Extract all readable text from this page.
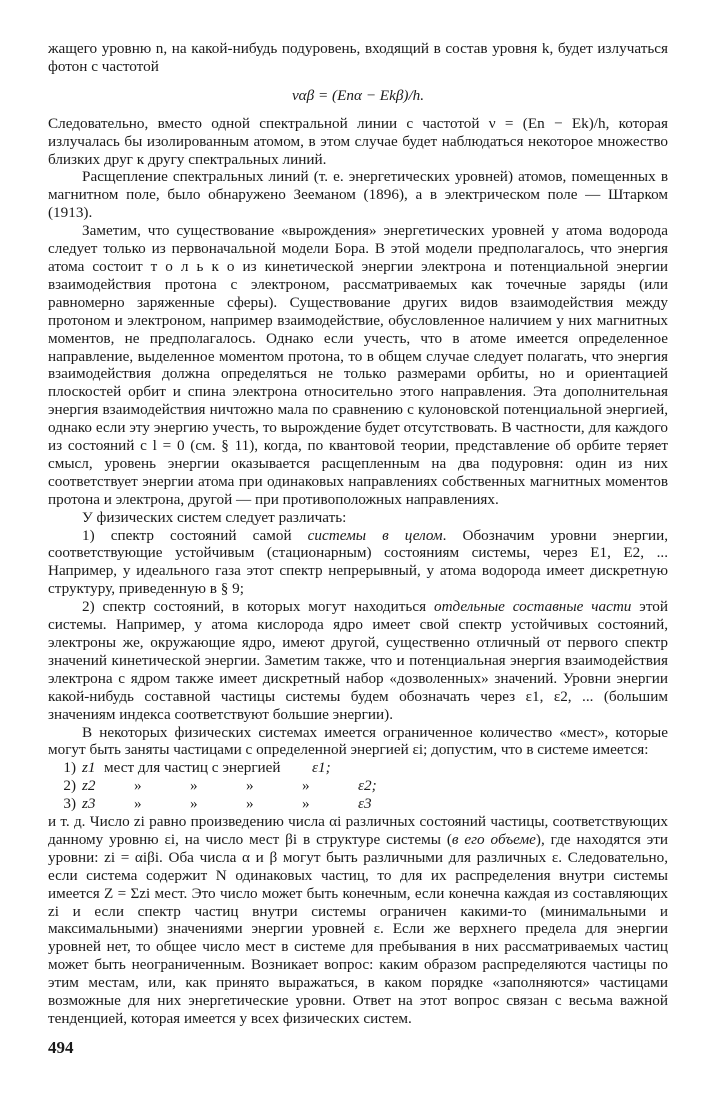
жащего уровню n, на какой-нибудь подуровень, входящий в состав уровня k, будет излучаться фотон с частотой

ναβ = (Enα − Ekβ)/h.

Следовательно, вместо одной спектральной линии с частотой ν = (En − Ek)/h, которая излучалась бы изолированным атомом, в этом случае будет наблюдаться некоторое множество близких друг к другу спектральных линий.

Расщепление спектральных линий (т. е. энергетических уровней) атомов, помещенных в магнитном поле, было обнаружено Зееманом (1896), а в электрическом поле — Штарком (1913).

Заметим, что существование «вырождения» энергетических уровней у атома водорода следует только из первоначальной модели Бора. В этой модели предполагалось, что энергия атома состоит т о л ь к о из кинетической энергии электрона и потенциальной энергии взаимодействия протона с электроном, рассматриваемых как точечные заряды (или равномерно заряженные сферы). Существование других видов взаимодействия между протоном и электроном, например взаимодействие, обусловленное наличием у них магнитных моментов, не предполагалось. Однако если учесть, что в атоме имеется определенное направление, выделенное моментом протона, то в общем случае следует полагать, что энергия взаимодействия должна определяться не только размерами орбиты, но и ориентацией плоскостей орбит и спина электрона относительно этого направления. Эта дополнительная энергия взаимодействия ничтожно мала по сравнению с кулоновской потенциальной энергией, однако если эту энергию учесть, то вырождение будет отсутствовать. В частности, для каждого из состояний с l = 0 (см. § 11), когда, по квантовой теории, представление об орбите теряет смысл, уровень энергии оказывается расщепленным на два подуровня: один из них соответствует энергии атома при одинаковых направлениях собственных магнитных моментов протона и электрона, другой — при противоположных направлениях.

У физических систем следует различать:

1) спектр состояний самой системы в целом. Обозначим уровни энергии, соответствующие устойчивым (стационарным) состояниям системы, через E1, E2, ... Например, у идеального газа этот спектр непрерывный, у атома водорода имеет дискретную структуру, приведенную в § 9;

2) спектр состояний, в которых могут находиться отдельные составные части этой системы. Например, у атома кислорода ядро имеет свой спектр устойчивых состояний, электроны же, окружающие ядро, имеют другой, существенно отличный от первого спектр значений кинетической энергии. Заметим также, что и потенциальная энергия взаимодействия электрона с ядром также имеет дискретный набор «дозволенных» значений. Уровни энергии какой-нибудь составной частицы системы будем обозначать через ε1, ε2, ... (большим значениям индекса соответствуют большие энергии).

В некоторых физических системах имеется ограниченное количество «мест», которые могут быть заняты частицами с определенной энергией εi; допустим, что в системе имеется:

1) z1 мест для частиц с энергией	ε1;
2) z2	»	»	»	»	ε2;
3) z3	»	»	»	»	ε3

и т. д. Число zi равно произведению числа αi различных состояний частицы, соответствующих данному уровню εi, на число мест βi в структуре системы (в его объеме), где находятся эти уровни: zi = αiβi. Оба числа α и β могут быть различными для различных ε. Следовательно, если система содержит N одинаковых частиц, то для их распределения внутри системы имеется Z = Σzi мест. Это число может быть конечным, если конечна каждая из составляющих zi и если спектр частиц внутри системы ограничен какими-то (минимальными и максимальными) значениями энергии уровней ε. Если же верхнего предела для энергии уровней нет, то общее число мест в системе для пребывания в них рассматриваемых частиц может быть неограниченным. Возникает вопрос: каким образом распределяются частицы по этим местам, или, как принято выражаться, в каком порядке «заполняются» частицами возможные для них энергетические уровни. Ответ на этот вопрос связан с весьма важной тенденцией, которая имеется у всех физических систем.

494
